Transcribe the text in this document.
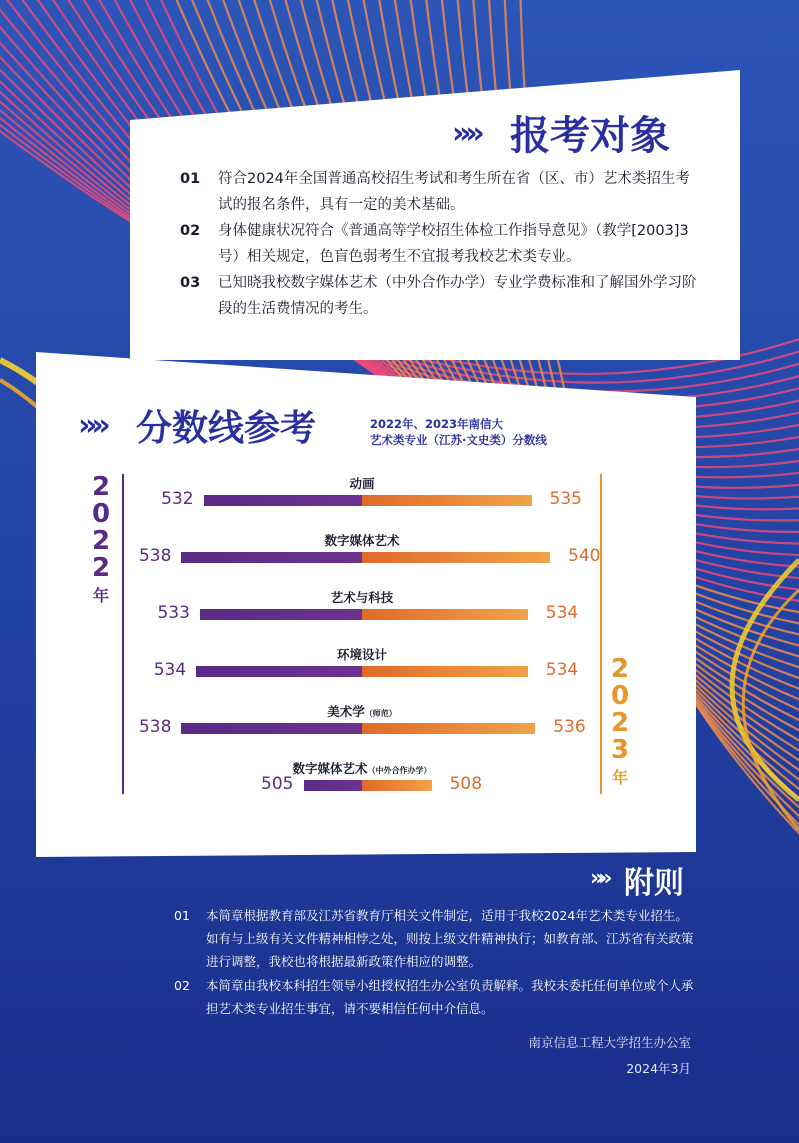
»» 报考对象
01 符合2024年全国普通高校招生考试和考生所在省（区、市）艺术类招生考试的报名条件，具有一定的美术基础。
02 身体健康状况符合《普通高等学校招生体检工作指导意见》（教学[2003]3号）相关规定，色盲色弱考生不宜报考我校艺术类专业。
03 已知晓我校数字媒体艺术（中外合作办学）专业学费标准和了解国外学习阶段的生活费情况的考生。
»» 分数线参考	2022年、2023年南信大
艺术类专业（江苏·文史类）分数线
2
0
2
2
年
2
0
2
3
年
动画
532	535
数字媒体艺术
538	540
艺术与科技
533	534
环境设计
534	534
美术学（师范）
538	536
数字媒体艺术（中外合作办学）
505	508
»» 附则
01 本简章根据教育部及江苏省教育厅相关文件制定，适用于我校2024年艺术类专业招生。如有与上级有关文件精神相悖之处，则按上级文件精神执行；如教育部、江苏省有关政策进行调整，我校也将根据最新政策作相应的调整。
02 本简章由我校本科招生领导小组授权招生办公室负责解释。我校未委托任何单位或个人承担艺术类专业招生事宜，请不要相信任何中介信息。
南京信息工程大学招生办公室
2024年3月
